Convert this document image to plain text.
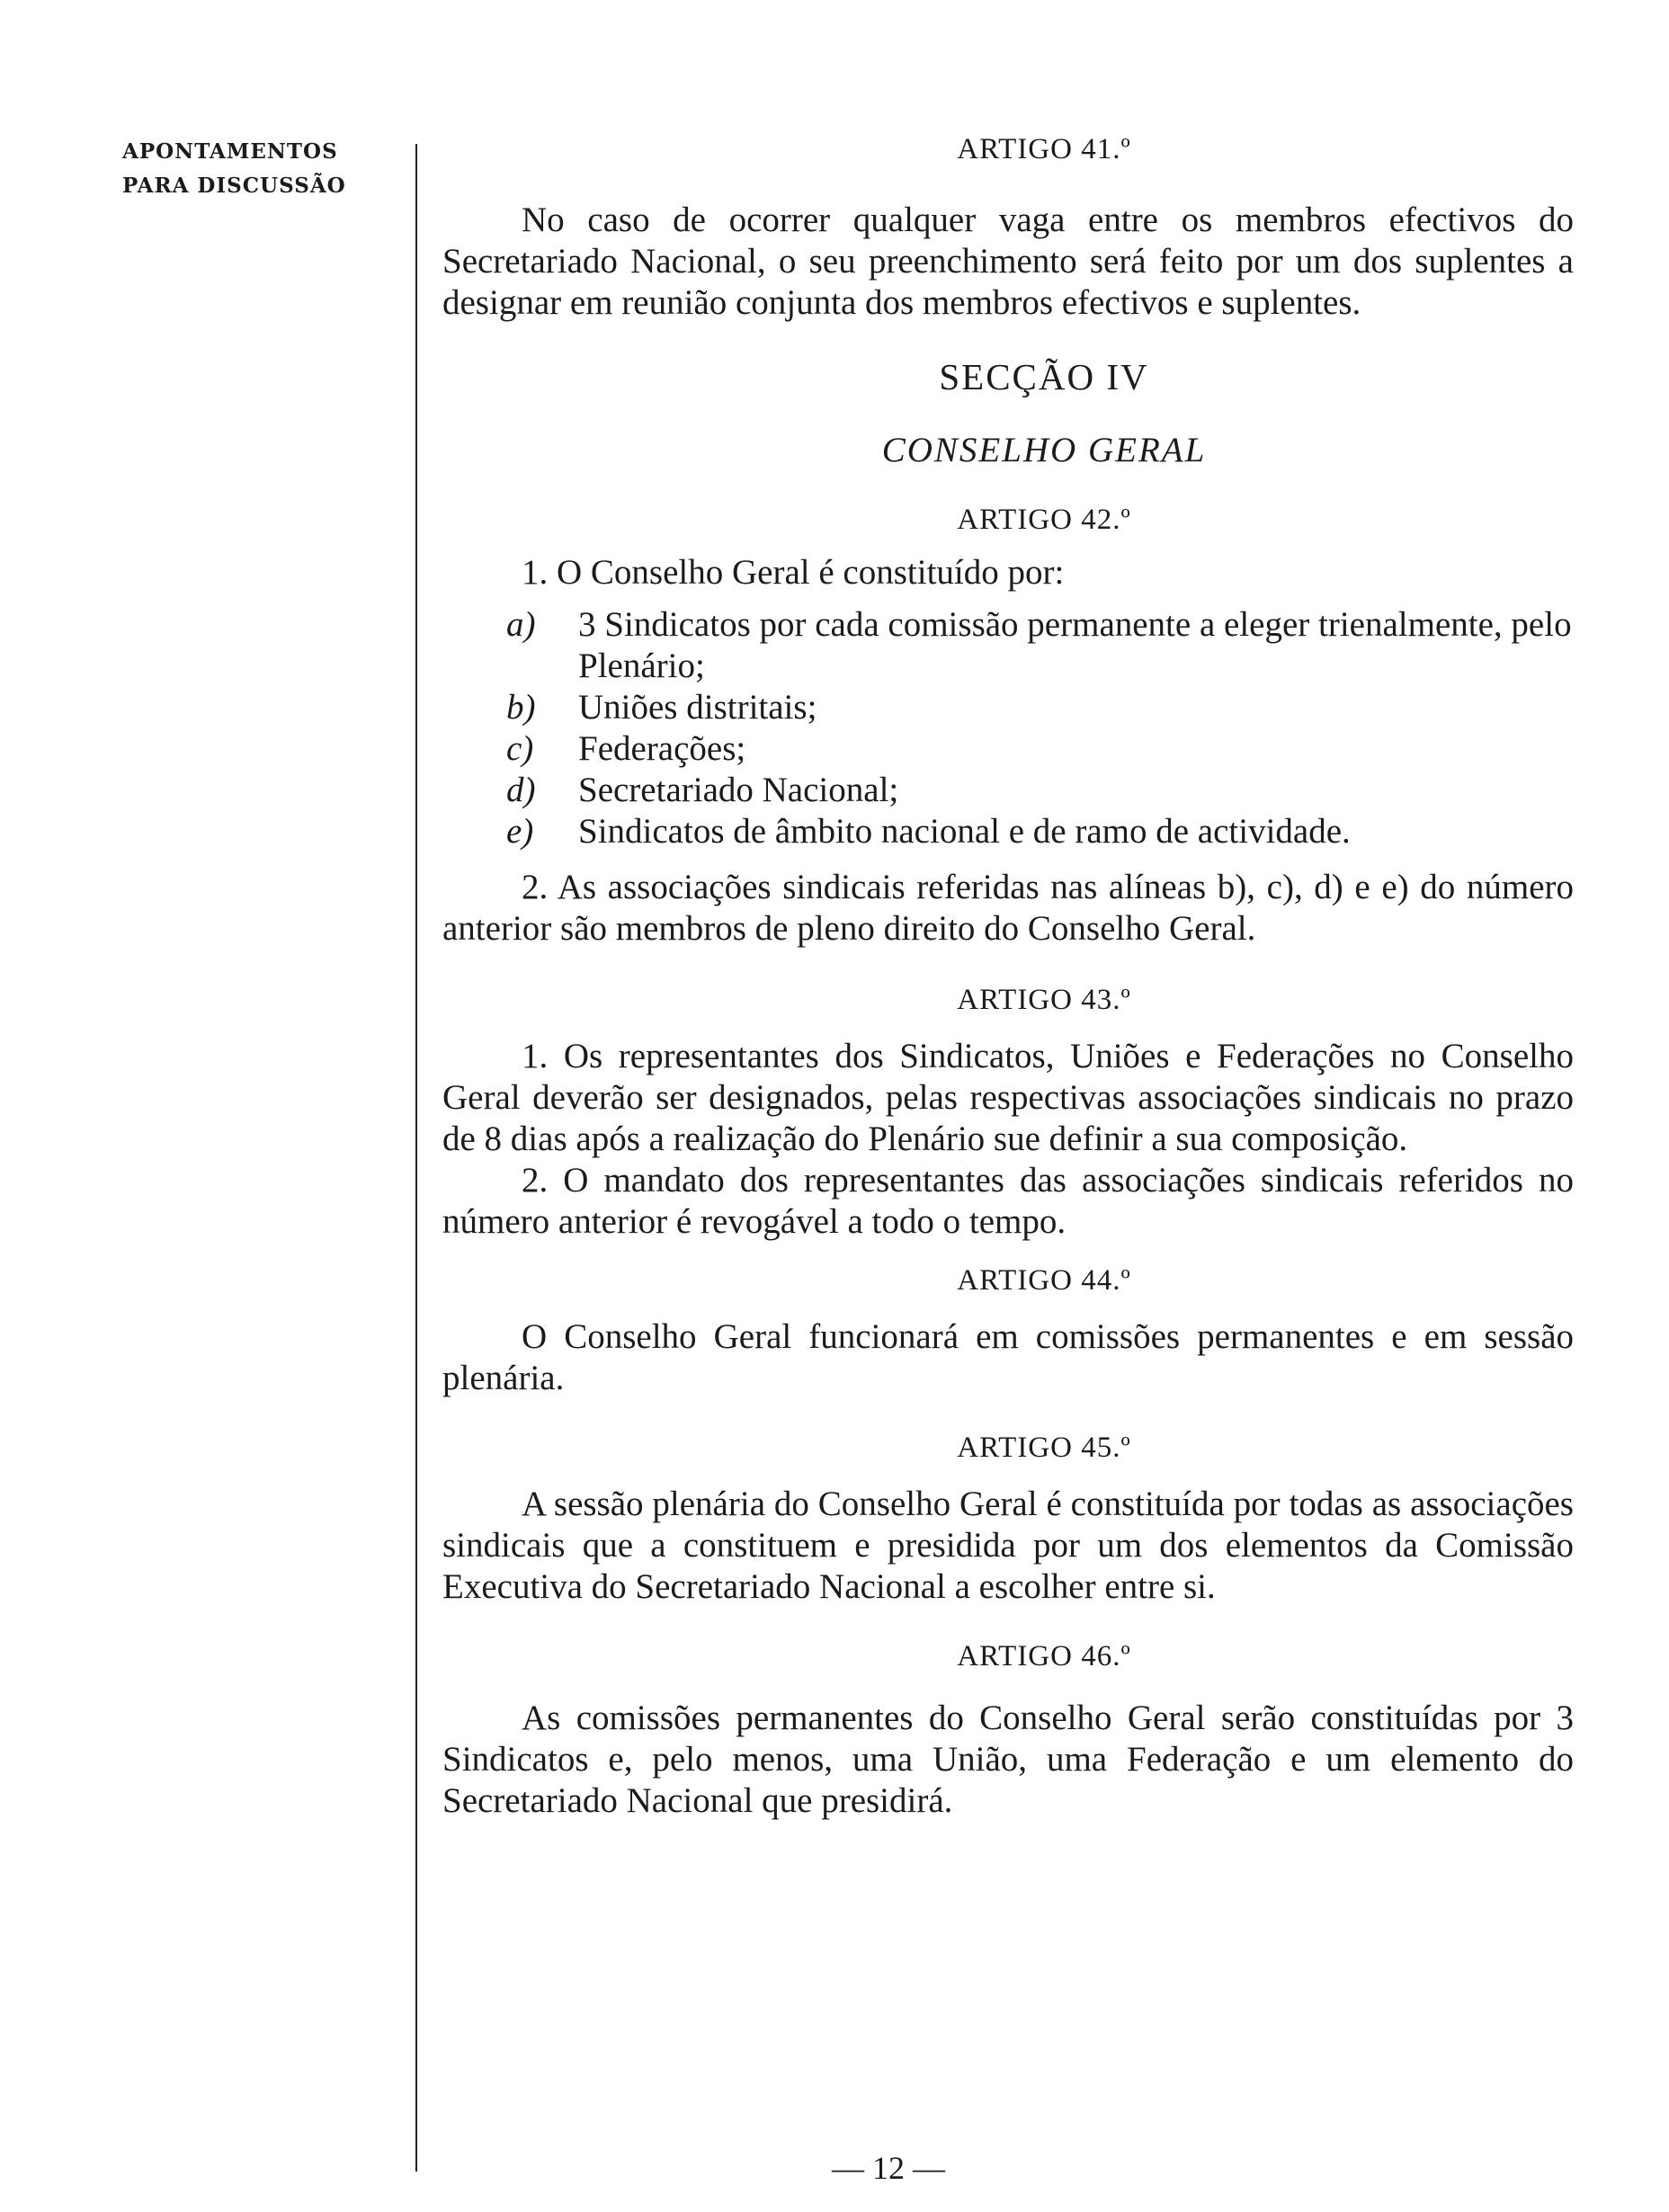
APONTAMENTOS
PARA DISCUSSÃO
ARTIGO 41.º

No caso de ocorrer qualquer vaga entre os membros efectivos do Secretariado Nacional, o seu preenchimento será feito por um dos suplentes a designar em reunião conjunta dos membros efectivos e suplentes.

SECÇÃO IV
CONSELHO GERAL
ARTIGO 42.º

1. O Conselho Geral é constituído por:

a) 3 Sindicatos por cada comissão permanente a eleger trienalmente, pelo Plenário;
b) Uniões distritais;
c) Federações;
d) Secretariado Nacional;
e) Sindicatos de âmbito nacional e de ramo de actividade.

2. As associações sindicais referidas nas alíneas b), c), d) e e) do número anterior são membros de pleno direito do Conselho Geral.

ARTIGO 43.º

1. Os representantes dos Sindicatos, Uniões e Federações no Conselho Geral deverão ser designados, pelas respectivas associações sindicais no prazo de 8 dias após a realização do Plenário sue definir a sua composição.

2. O mandato dos representantes das associações sindicais referidos no número anterior é revogável a todo o tempo.

ARTIGO 44.º

O Conselho Geral funcionará em comissões permanentes e em sessão plenária.

ARTIGO 45.º

A sessão plenária do Conselho Geral é constituída por todas as associações sindicais que a constituem e presidida por um dos elementos da Comissão Executiva do Secretariado Nacional a escolher entre si.

ARTIGO 46.º

As comissões permanentes do Conselho Geral serão constituídas por 3 Sindicatos e, pelo menos, uma União, uma Federação e um elemento do Secretariado Nacional que presidirá.

— 12 —
